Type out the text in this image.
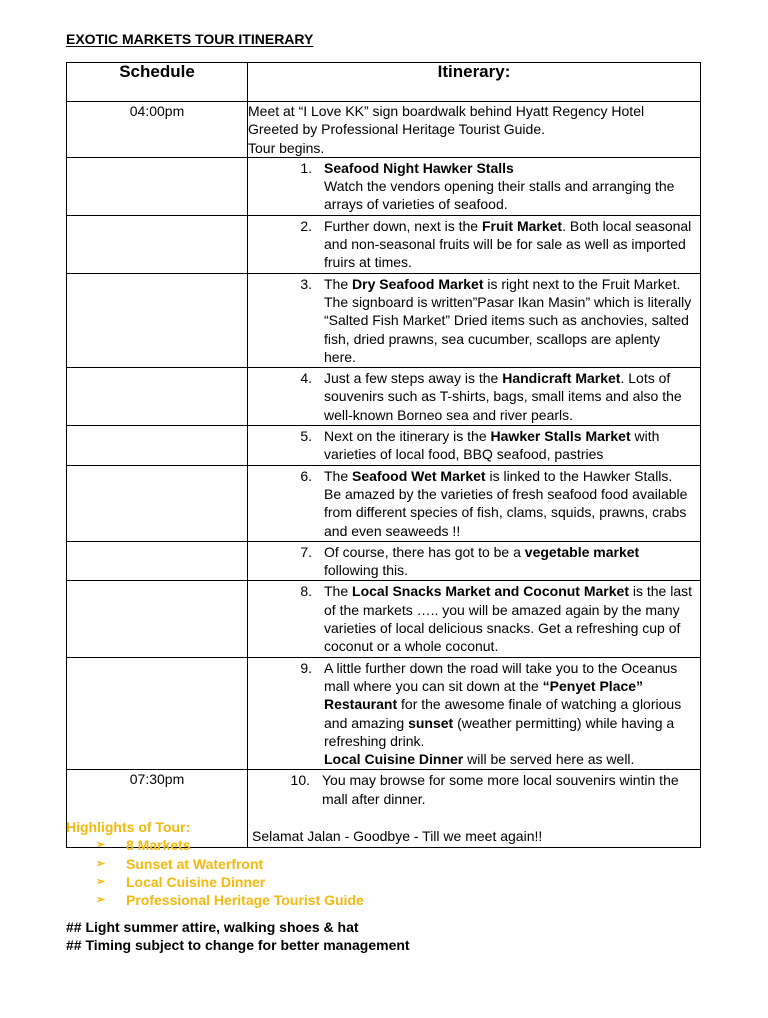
EXOTIC MARKETS TOUR ITINERARY
Schedule	Itinerary:
04:00pm	Meet at “I Love KK” sign boardwalk behind Hyatt Regency Hotel
Greeted by Professional Heritage Tourist Guide.
Tour begins.

	1. Seafood Night Hawker Stalls
Watch the vendors opening their stalls and arranging the arrays of varieties of seafood.

	2. Further down, next is the Fruit Market. Both local seasonal and non-seasonal fruits will be for sale as well as imported fruirs at times.

	3. The Dry Seafood Market is right next to the Fruit Market. The signboard is written”Pasar Ikan Masin” which is literally “Salted Fish Market” Dried items such as anchovies, salted fish, dried prawns, sea cucumber, scallops are aplenty here.

	4. Just a few steps away is the Handicraft Market. Lots of souvenirs such as T-shirts, bags, small items and also the well-known Borneo sea and river pearls.

	5. Next on the itinerary is the Hawker Stalls Market with varieties of local food, BBQ seafood, pastries

	6. The Seafood Wet Market is linked to the Hawker Stalls. Be amazed by the varieties of fresh seafood food available from different species of fish, clams, squids, prawns, crabs and even seaweeds !!

	7. Of course, there has got to be a vegetable market following this.

	8. The Local Snacks Market and Coconut Market is the last of the markets ….. you will be amazed again by the many varieties of local delicious snacks. Get a refreshing cup of coconut or a whole coconut.

	9. A little further down the road will take you to the Oceanus mall where you can sit down at the “Penyet Place” Restaurant for the awesome finale of watching a glorious and amazing sunset (weather permitting) while having a refreshing drink.
Local Cuisine Dinner will be served here as well.

07:30pm	10. You may browse for some more local souvenirs wintin the mall after dinner.
Selamat Jalan - Goodbye - Till we meet again!!
Highlights of Tour:
➢	8 Markets
➢	Sunset at Waterfront
➢	Local Cuisine Dinner
➢	Professional Heritage Tourist Guide
## Light summer attire, walking shoes & hat
## Timing subject to change for better management
